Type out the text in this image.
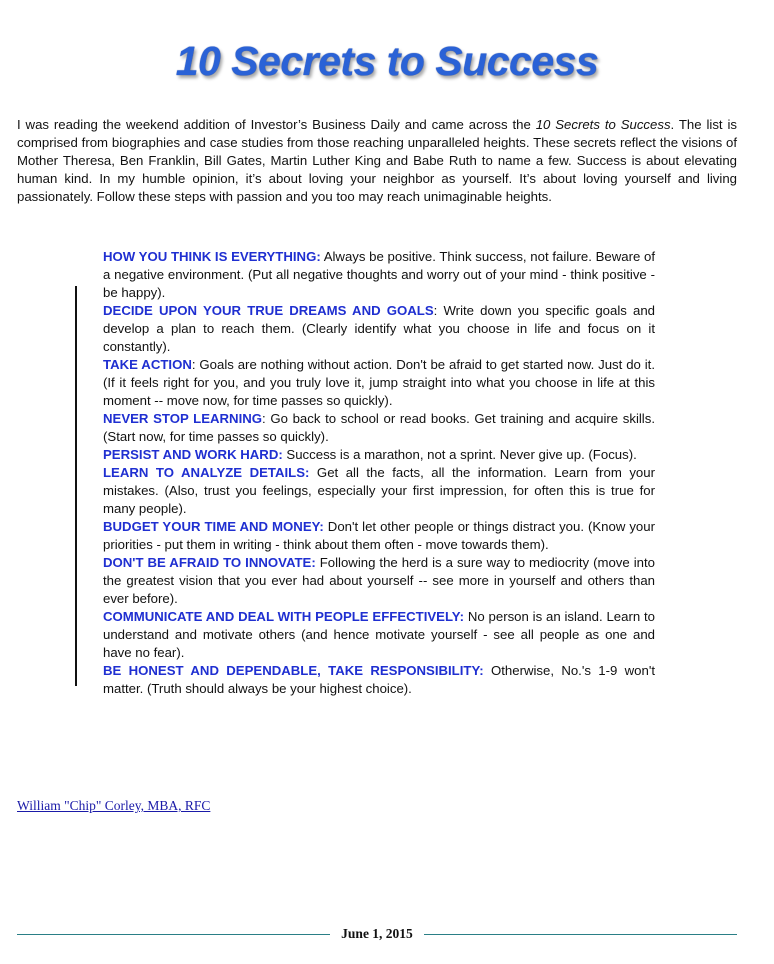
10 Secrets to Success
I was reading the weekend addition of Investor’s Business Daily and came across the 10 Secrets to Success. The list is comprised from biographies and case studies from those reaching unparalleled heights. These secrets reflect the visions of Mother Theresa, Ben Franklin, Bill Gates, Martin Luther King and Babe Ruth to name a few. Success is about elevating human kind. In my humble opinion, it’s about loving your neighbor as yourself. It’s about loving yourself and living passionately. Follow these steps with passion and you too may reach unimaginable heights.

HOW YOU THINK IS EVERYTHING: Always be positive. Think success, not failure. Beware of a negative environment. (Put all negative thoughts and worry out of your mind - think positive - be happy).

DECIDE UPON YOUR TRUE DREAMS AND GOALS: Write down you specific goals and develop a plan to reach them. (Clearly identify what you choose in life and focus on it constantly).

TAKE ACTION: Goals are nothing without action. Don't be afraid to get started now. Just do it. (If it feels right for you, and you truly love it, jump straight into what you choose in life at this moment -- move now, for time passes so quickly).

NEVER STOP LEARNING: Go back to school or read books. Get training and acquire skills. (Start now, for time passes so quickly).

PERSIST AND WORK HARD: Success is a marathon, not a sprint. Never give up. (Focus).

LEARN TO ANALYZE DETAILS: Get all the facts, all the information. Learn from your mistakes. (Also, trust you feelings, especially your first impression, for often this is true for many people).

BUDGET YOUR TIME AND MONEY: Don't let other people or things distract you. (Know your priorities - put them in writing - think about them often - move towards them).

DON'T BE AFRAID TO INNOVATE: Following the herd is a sure way to mediocrity (move into the greatest vision that you ever had about yourself -- see more in yourself and others than ever before).

COMMUNICATE AND DEAL WITH PEOPLE EFFECTIVELY: No person is an island. Learn to understand and motivate others (and hence motivate yourself - see all people as one and have no fear).

BE HONEST AND DEPENDABLE, TAKE RESPONSIBILITY: Otherwise, No.'s 1-9 won't matter. (Truth should always be your highest choice).

William "Chip" Corley, MBA, RFC
June 1, 2015
